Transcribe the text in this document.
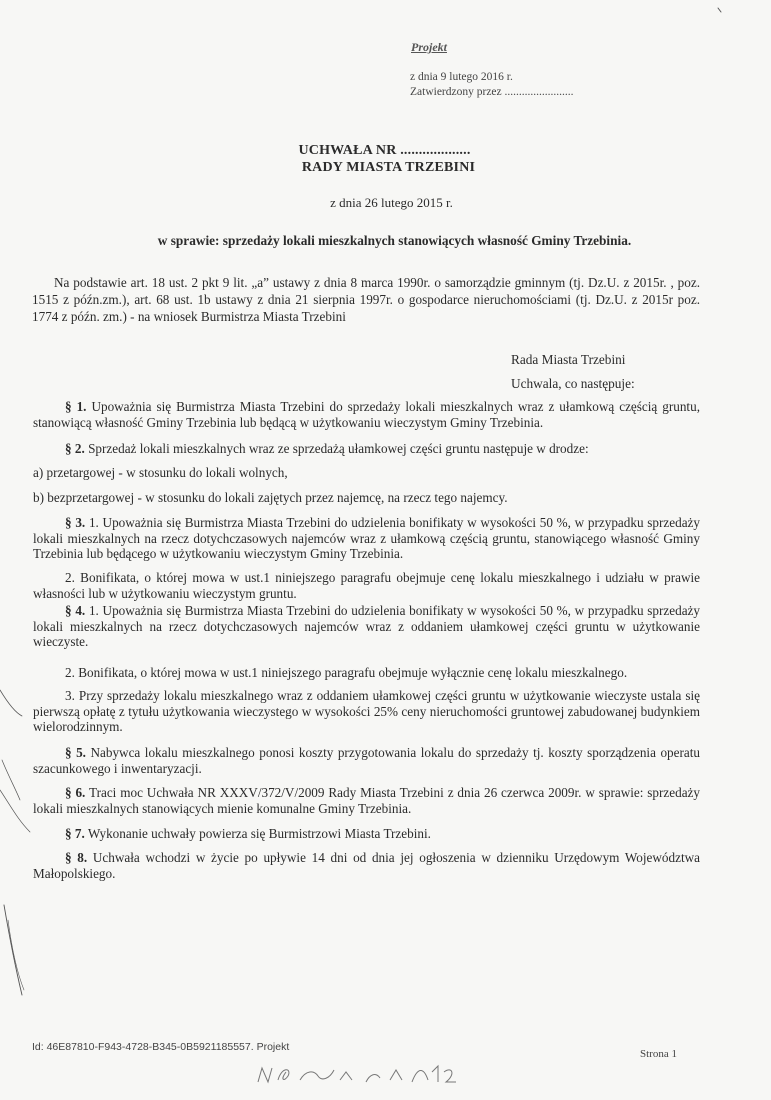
Projekt
z dnia 9 lutego 2016 r.
Zatwierdzony przez ........................
UCHWAŁA NR ...................
RADY MIASTA TRZEBINI
z dnia 26 lutego 2015 r.
w sprawie: sprzedaży lokali mieszkalnych stanowiących własność Gminy Trzebinia.
Na podstawie art. 18 ust. 2 pkt 9 lit. „a” ustawy z dnia 8 marca 1990r. o samorządzie gminnym (tj. Dz.U. z 2015r. , poz. 1515 z późn.zm.), art. 68 ust. 1b ustawy z dnia 21 sierpnia 1997r. o gospodarce nieruchomościami (tj. Dz.U. z 2015r poz. 1774 z późn. zm.) - na wniosek Burmistrza Miasta Trzebini
Rada Miasta Trzebini
Uchwala, co następuje:
§ 1. Upoważnia się Burmistrza Miasta Trzebini do sprzedaży lokali mieszkalnych wraz z ułamkową częścią gruntu, stanowiącą własność Gminy Trzebinia lub będącą w użytkowaniu wieczystym Gminy Trzebinia.
§ 2. Sprzedaż lokali mieszkalnych wraz ze sprzedażą ułamkowej części gruntu następuje w drodze:
a) przetargowej - w stosunku do lokali wolnych,
b) bezprzetargowej - w stosunku do lokali zajętych przez najemcę, na rzecz tego najemcy.
§ 3. 1. Upoważnia się Burmistrza Miasta Trzebini do udzielenia bonifikaty w wysokości 50 %, w przypadku sprzedaży lokali mieszkalnych na rzecz dotychczasowych najemców wraz z ułamkową częścią gruntu, stanowiącego własność Gminy Trzebinia lub będącego w użytkowaniu wieczystym Gminy Trzebinia.
2. Bonifikata, o której mowa w ust.1 niniejszego paragrafu obejmuje cenę lokalu mieszkalnego i udziału w prawie własności lub w użytkowaniu wieczystym gruntu.
§ 4. 1. Upoważnia się Burmistrza Miasta Trzebini do udzielenia bonifikaty w wysokości 50 %, w przypadku sprzedaży lokali mieszkalnych na rzecz dotychczasowych najemców wraz z oddaniem ułamkowej części gruntu w użytkowanie wieczyste.
2. Bonifikata, o której mowa w ust.1 niniejszego paragrafu obejmuje wyłącznie cenę lokalu mieszkalnego.
3. Przy sprzedaży lokalu mieszkalnego wraz z oddaniem ułamkowej części gruntu w użytkowanie wieczyste ustala się pierwszą opłatę z tytułu użytkowania wieczystego w wysokości 25% ceny nieruchomości gruntowej zabudowanej budynkiem wielorodzinnym.
§ 5. Nabywca lokalu mieszkalnego ponosi koszty przygotowania lokalu do sprzedaży tj. koszty sporządzenia operatu szacunkowego i inwentaryzacji.
§ 6. Traci moc Uchwała NR XXXV/372/V/2009 Rady Miasta Trzebini z dnia 26 czerwca 2009r. w sprawie: sprzedaży lokali mieszkalnych stanowiących mienie komunalne Gminy Trzebinia.
§ 7. Wykonanie uchwały powierza się Burmistrzowi Miasta Trzebini.
§ 8. Uchwała wchodzi w życie po upływie 14 dni od dnia jej ogłoszenia w dzienniku Urzędowym Województwa Małopolskiego.
Id: 46E87810-F943-4728-B345-0B5921185557. Projekt
Strona 1
